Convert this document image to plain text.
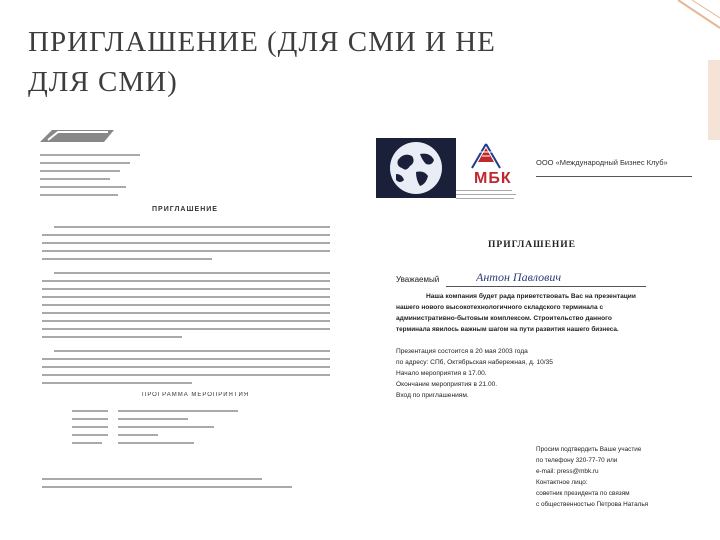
ПРИГЛАШЕНИЕ (ДЛЯ СМИ И НЕ
ДЛЯ СМИ)
ПРИГЛАШЕНИЕ
ПРОГРАММА МЕРОПРИЯТИЯ
МБК
ООО «Международный Бизнес Клуб»
ПРИГЛАШЕНИЕ
Уважаемый	Антон Павлович
Наша компания будет рада приветствовать Вас на презентации
нашего нового высокотехнологичного складского терминала с
административно-бытовым комплексом. Строительство данного
терминала явилось важным шагом на пути развития нашего бизнеса.
Презентация состоится в 20 мая 2003 года
по адресу: СПб, Октябрьская набережная, д. 10/35
Начало мероприятия в 17.00.
Окончание мероприятия в 21.00.
Вход по приглашениям.
Просим подтвердить Ваше участие
по телефону 320-77-70 или
e-mail: press@mbk.ru
Контактное лицо:
советник президента по связям
с общественностью Петрова Наталья
